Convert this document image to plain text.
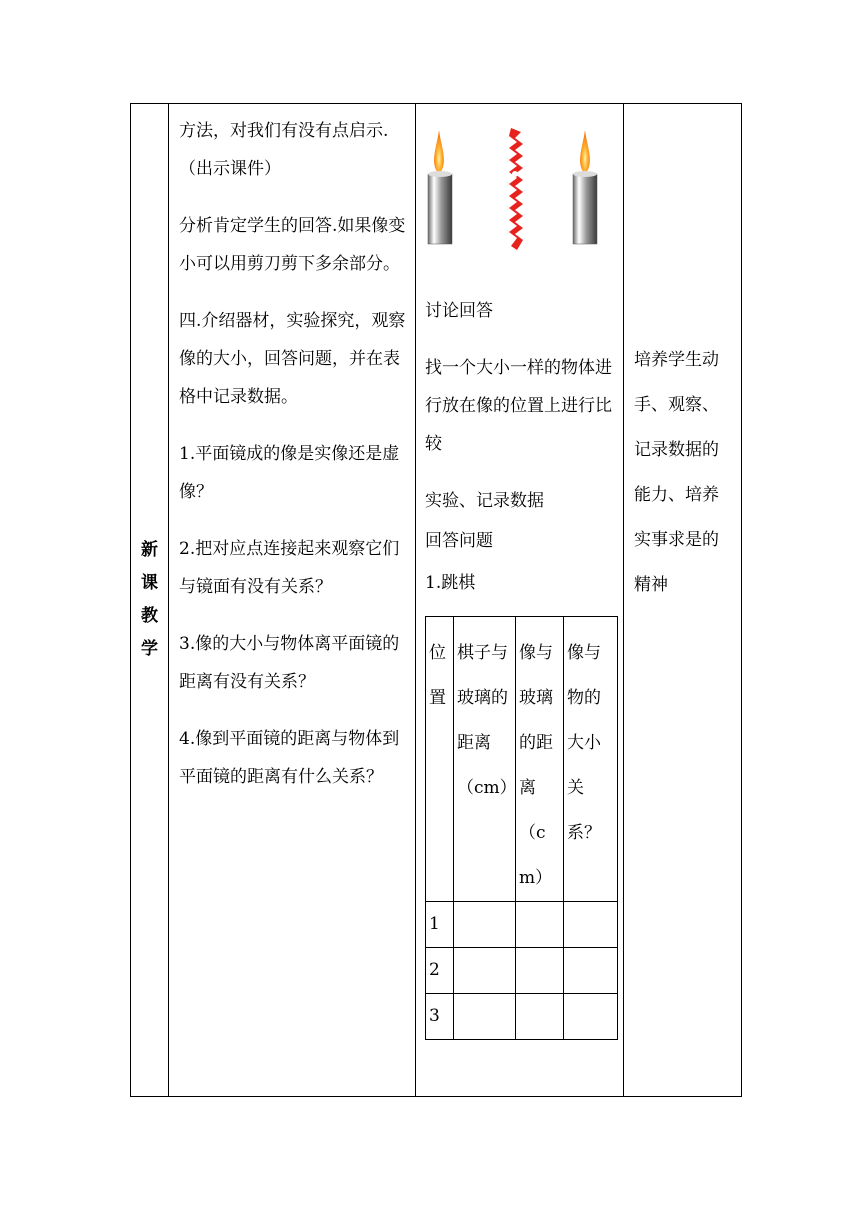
新
课
教
学

方法，对我们有没有点启示.（出示课件）

分析肯定学生的回答.如果像变小可以用剪刀剪下多余部分。

四.介绍器材，实验探究，观察像的大小，回答问题，并在表格中记录数据。

1.平面镜成的像是实像还是虚像？

2.把对应点连接起来观察它们与镜面有没有关系？

3.像的大小与物体离平面镜的距离有没有关系？

4.像到平面镜的距离与物体到平面镜的距离有什么关系？

讨论回答

找一个大小一样的物体进行放在像的位置上进行比较

实验、记录数据

回答问题

1.跳棋

位置	棋子与玻璃的距离（cm）	像与玻璃的距离（cm）	像与物的大小关系？
1			
2			
3			

培养学生动手、观察、记录数据的能力、培养实事求是的精神
